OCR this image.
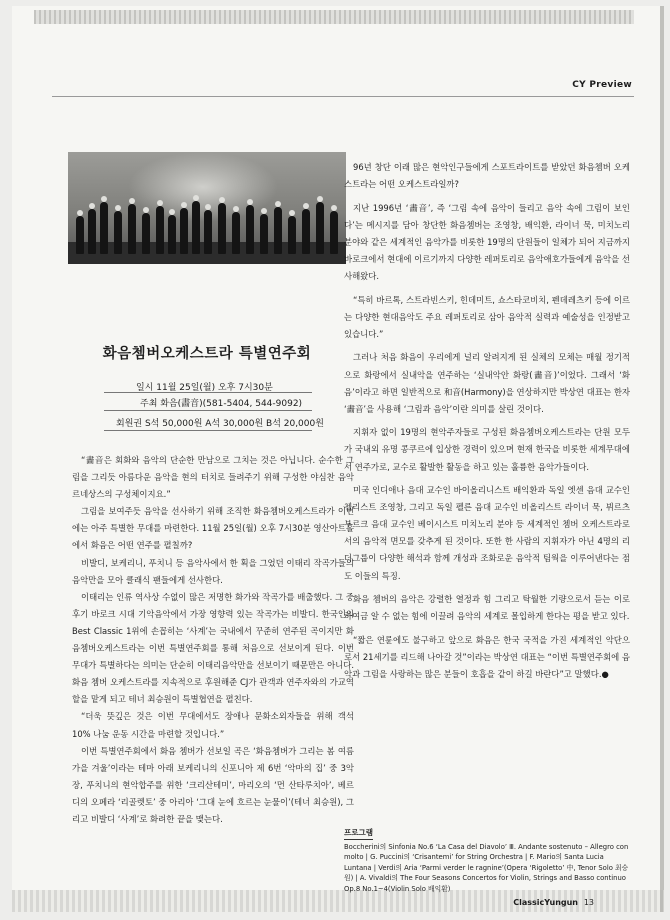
CY Preview
화음쳄버오케스트라 특별연주회
일시 11월 25일(월) 오후 7시30분
주최 화음(畵音)(581-5404, 544-9092)
회원권 S석 50,000원 A석 30,000원 B석 20,000원

“畵音은 회화와 음악의 단순한 만남으로 그치는 것은 아닙니다. 순수한 그림을 그리듯 아름다운 음악을 현의 터치로 들려주기 위해 구성한 야심찬 음악 르네상스의 구성체이지요.”

그림을 보여주듯 음악을 선사하기 위해 조직한 화음쳄버오케스트라가 이번에는 아주 특별한 무대를 마련한다. 11월 25일(월) 오후 7시30분 영산아트홀에서 화음은 어떤 연주를 펼칠까?

비발디, 보케리니, 푸치니 등 음악사에서 한 획을 그었던 이태리 작곡가들의 음악만을 모아 클래식 팬들에게 선사한다.

이태리는 인류 역사상 수없이 많은 저명한 화가와 작곡가를 배출했다. 그 중 후기 바로크 시대 기악음악에서 가장 영향력 있는 작곡가는 비발디. 한국인의 Best Classic 1위에 손꼽히는 ‘사계’는 국내에서 꾸준히 연주된 곡이지만 화음쳄버오케스트라는 이번 특별연주회를 통해 처음으로 선보이게 된다. 이번 무대가 특별하다는 의미는 단순히 이태리음악만을 선보이기 때문만은 아니다. 화음 쳄버 오케스트라를 지속적으로 후원해준 CJ가 관객과 연주자와의 가교역할을 맡게 되고 테너 최승원이 특별협연을 펼친다.

“더욱 뜻깊은 것은 이번 무대에서도 장애나 문화소외자들을 위해 객석 10% 나눔 운동 시간을 마련할 것입니다.”

이번 특별연주회에서 화음 쳄버가 선보일 곡은 ‘화음쳄버가 그리는 봄 여름 가을 겨울’이라는 테마 아래 보케리니의 신포니아 제 6번 ‘악마의 집’ 중 3악장, 푸치니의 현악합주를 위한 ‘크리산테미’, 마리오의 ‘먼 산타루치아’, 베르디의 오페라 ‘리골렛토’ 중 아리아 ‘그대 눈에 흐르는 눈물이’(테너 최승원), 그리고 비발디 ‘사계’로 화려한 끝을 맺는다.

96년 창단 이래 많은 현악인구들에게 스포트라이트를 받았던 화음쳄버 오케스트라는 어떤 오케스트라일까?

지난 1996년 ‘畵音’, 즉 ‘그림 속에 음악이 들리고 음악 속에 그림이 보인다’는 메시지를 담아 창단한 화음쳄버는 조영창, 배익환, 라이너 묵, 미치노리 분야와 같은 세계적인 음악가를 비롯한 19명의 단원들이 일체가 되어 지금까지 바로크에서 현대에 이르기까지 다양한 레퍼토리로 음악애호가들에게 음악을 선사해왔다.

“특히 바르톡, 스트라빈스키, 힌데미트, 쇼스타코비치, 펜데레츠키 등에 이르는 다양한 현대음악도 주요 레퍼토리로 삼아 음악적 실력과 예술성을 인정받고 있습니다.”

그러나 처음 화음이 우리에게 널리 알려지게 된 실체의 모체는 매월 정기적으로 화랑에서 실내악을 연주하는 ‘실내악안 화랑(畵音)’이었다. 그래서 ‘화음’이라고 하면 일반적으로 和音(Harmony)을 연상하지만 박상연 대표는 한자 ‘畵音’을 사용해 ‘그림과 음악’이란 의미를 살린 것이다.

지휘자 없이 19명의 현악주자들로 구성된 화음쳄버오케스트라는 단원 모두가 국내외 유명 콩쿠르에 입상한 경력이 있으며 현재 한국을 비롯한 세계무대에서 연주가로, 교수로 활발한 활동을 하고 있는 훌륭한 음악가들이다.

미국 인디애나 음대 교수인 바이올리니스트 배익환과 독일 엣센 음대 교수인 첼리스트 조영창, 그리고 독일 펠른 음대 교수인 비올리스트 라이너 묵, 뷔르츠부르크 음대 교수인 베이시스트 미치노리 분야 등 세계적인 쳄버 오케스트라로서의 음악적 면모를 갖추게 된 것이다. 또한 한 사람의 지휘자가 아닌 4명의 리더그룹이 다양한 해석과 함께 개성과 조화로운 음악적 팀웍을 이루어낸다는 점도 이들의 특징.

화음 쳄버의 음악은 강렬한 열정과 힘 그리고 탁월한 기량으로서 듣는 이로 하여금 알 수 없는 힘에 이끌려 음악의 세계로 몰입하게 한다는 평을 받고 있다.

“짧은 연륜에도 불구하고 앞으로 화음은 한국 국적을 가진 세계적인 악단으로서 21세기를 리드해 나아갈 것”이라는 박상연 대표는 “이번 특별연주회에 음악과 그림을 사랑하는 많은 분들이 호흡을 같이 하길 바란다”고 말했다.●

프로그램

Boccherini의 Sinfonia No.6 ‘La Casa del Diavolo’ Ⅲ. Andante sostenuto – Allegro con molto | G. Puccini의 ‘Crisantemi’ for String Orchestra | F. Mario의 Santa Lucia Luntana | Verdi의 Aria ‘Parmi verder le ragnine’(Opera ‘Rigoletto’ 中, Tenor Solo 최승원) | A. Vivaldi의 The Four Seasons Concertos for Violin, Strings and Basso continuo Op.8 No.1~4(Violin Solo 배익환)

ClassicYungun 13
